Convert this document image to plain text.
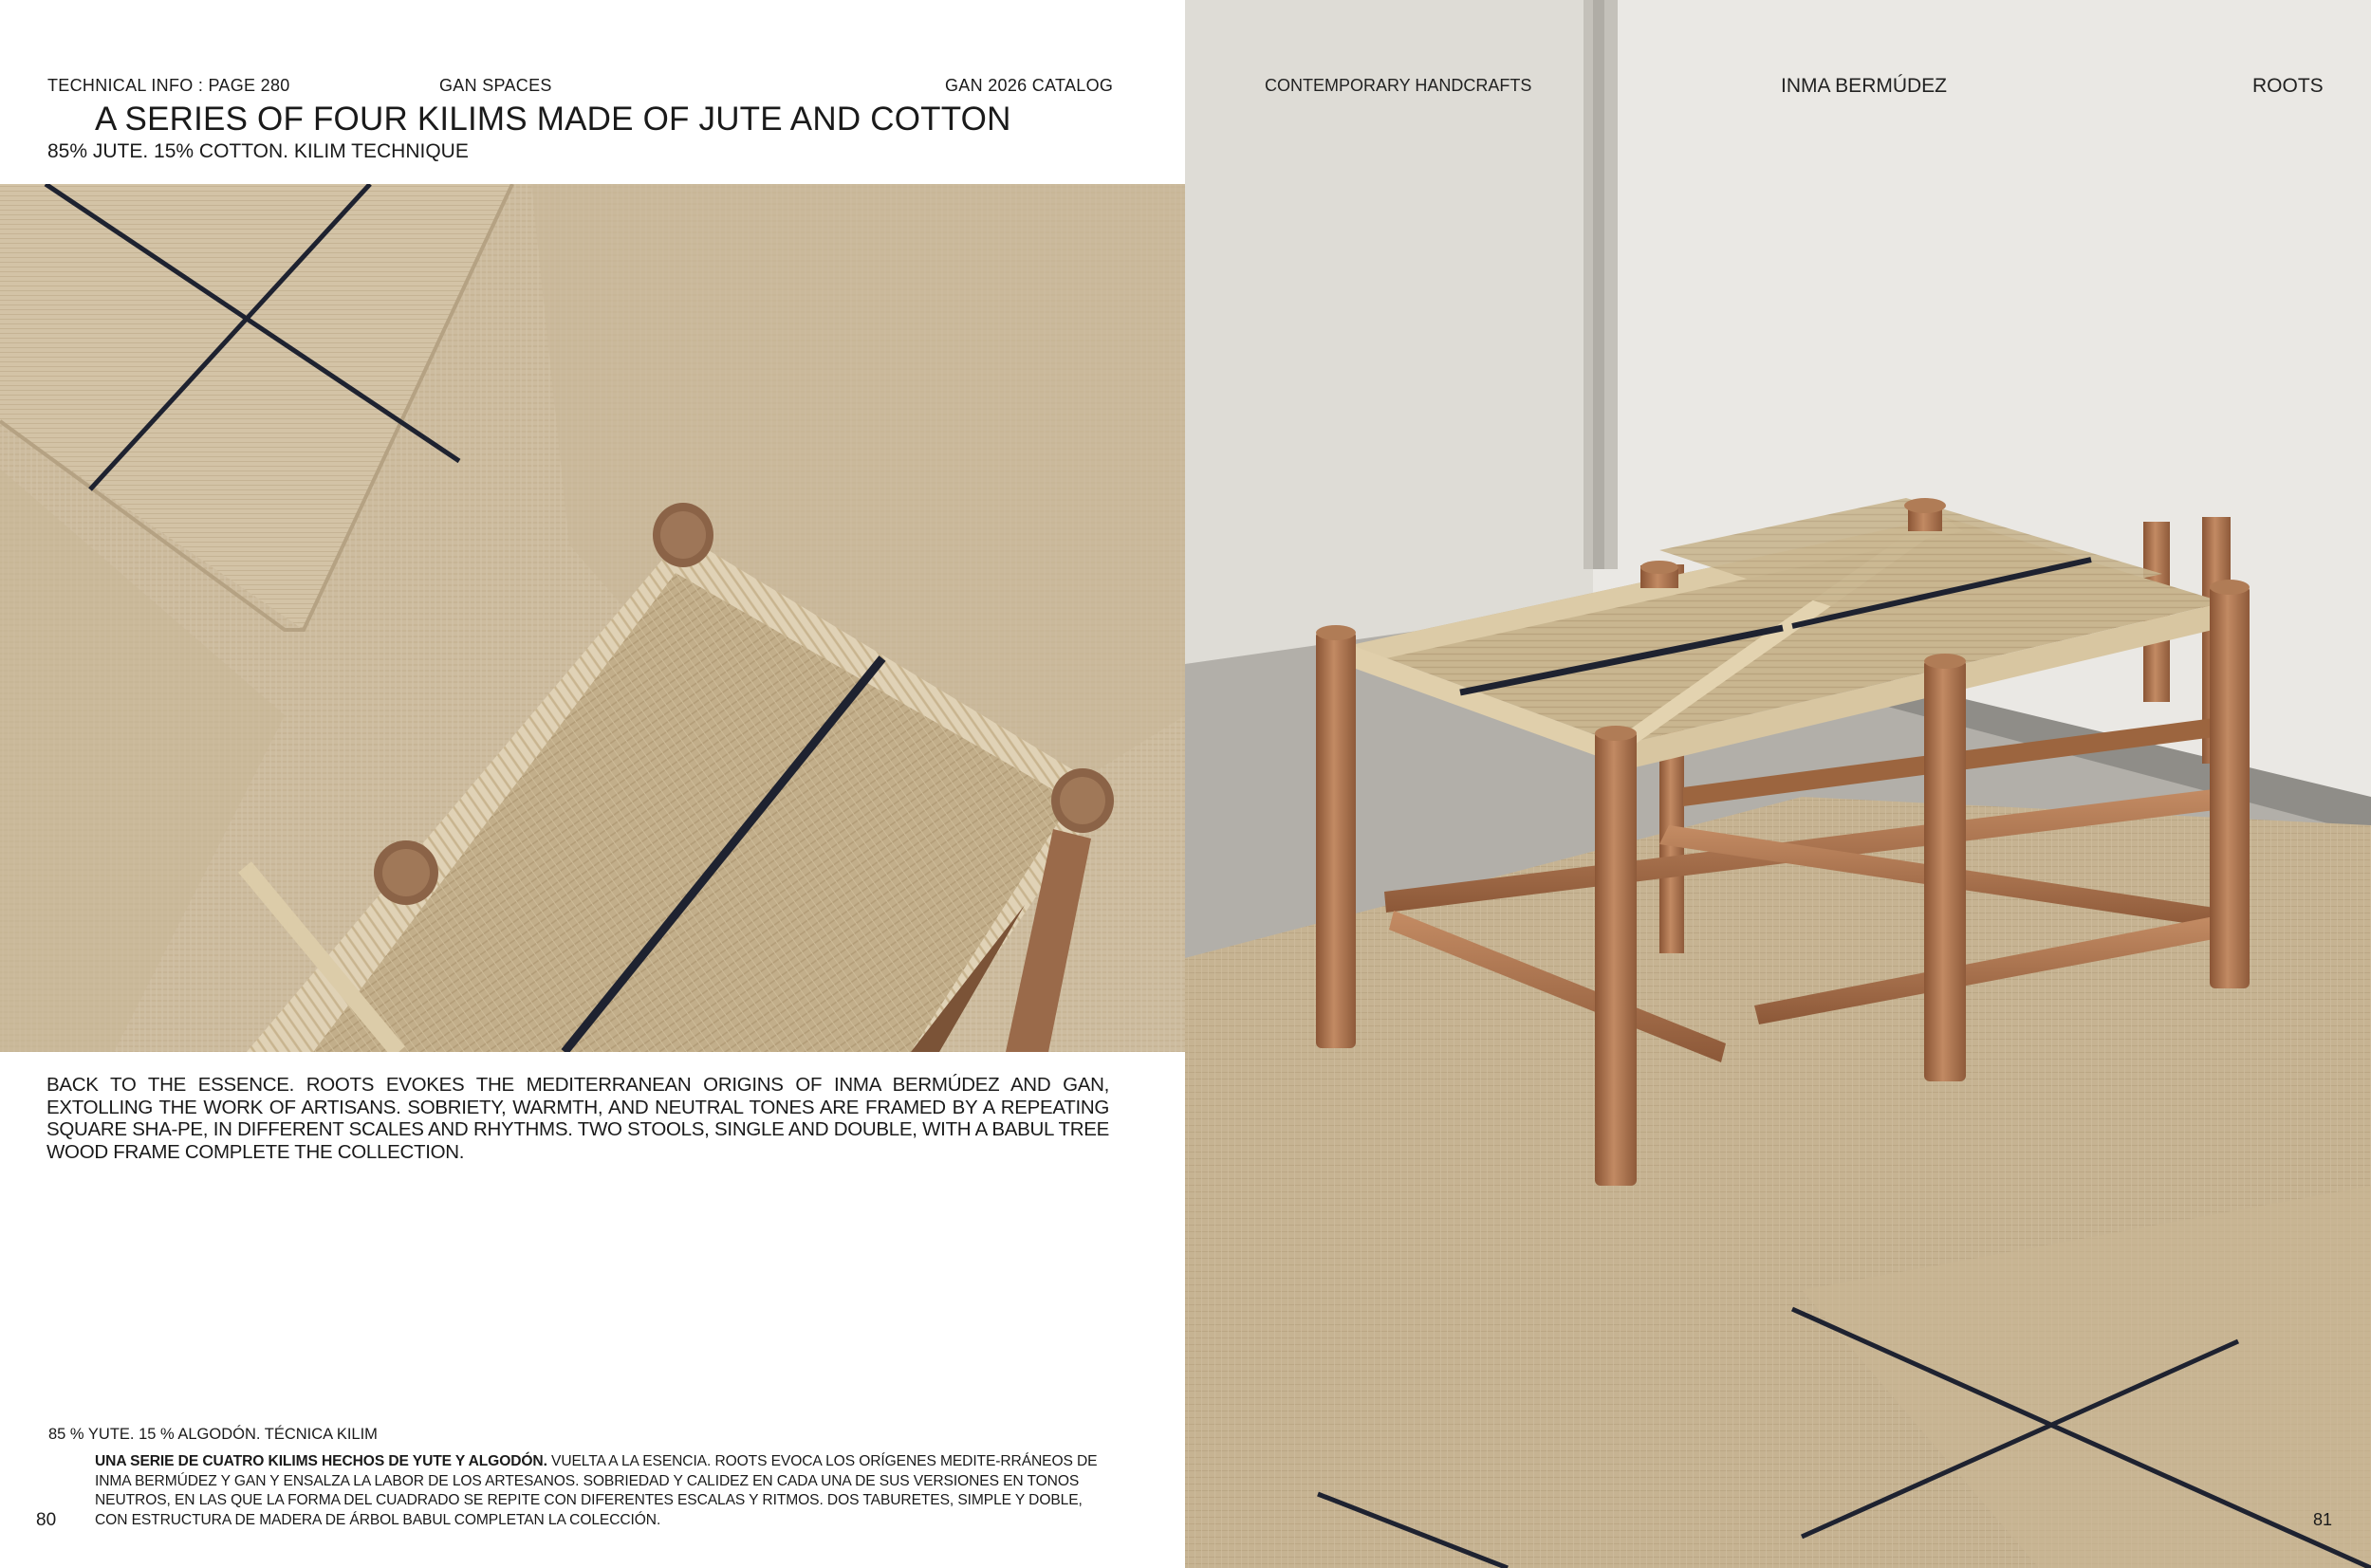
TECHNICAL INFO : PAGE 280	GAN SPACES	GAN 2026 CATALOG
A SERIES OF FOUR KILIMS MADE OF JUTE AND COTTON
85% JUTE. 15% COTTON. KILIM TECHNIQUE
BACK TO THE ESSENCE. ROOTS EVOKES THE MEDITERRANEAN ORIGINS OF INMA BERMÚDEZ AND GAN, EXTOLLING THE WORK OF ARTISANS. SOBRIETY, WARMTH, AND NEUTRAL TONES ARE FRAMED BY A REPEATING SQUARE SHA-PE, IN DIFFERENT SCALES AND RHYTHMS. TWO STOOLS, SINGLE AND DOUBLE, WITH A BABUL TREE WOOD FRAME COMPLETE THE COLLECTION.
85 % YUTE. 15 % ALGODÓN. TÉCNICA KILIM
UNA SERIE DE CUATRO KILIMS HECHOS DE YUTE Y ALGODÓN. VUELTA A LA ESENCIA. ROOTS EVOCA LOS ORÍGENES MEDITE-RRÁNEOS DE INMA BERMÚDEZ Y GAN Y ENSALZA LA LABOR DE LOS ARTESANOS. SOBRIEDAD Y CALIDEZ EN CADA UNA DE SUS VERSIONES EN TONOS NEUTROS, EN LAS QUE LA FORMA DEL CUADRADO SE REPITE CON DIFERENTES ESCALAS Y RITMOS. DOS TABURETES, SIMPLE Y DOBLE, CON ESTRUCTURA DE MADERA DE ÁRBOL BABUL COMPLETAN LA COLECCIÓN.
80
CONTEMPORARY HANDCRAFTS	INMA BERMÚDEZ	ROOTS
81
